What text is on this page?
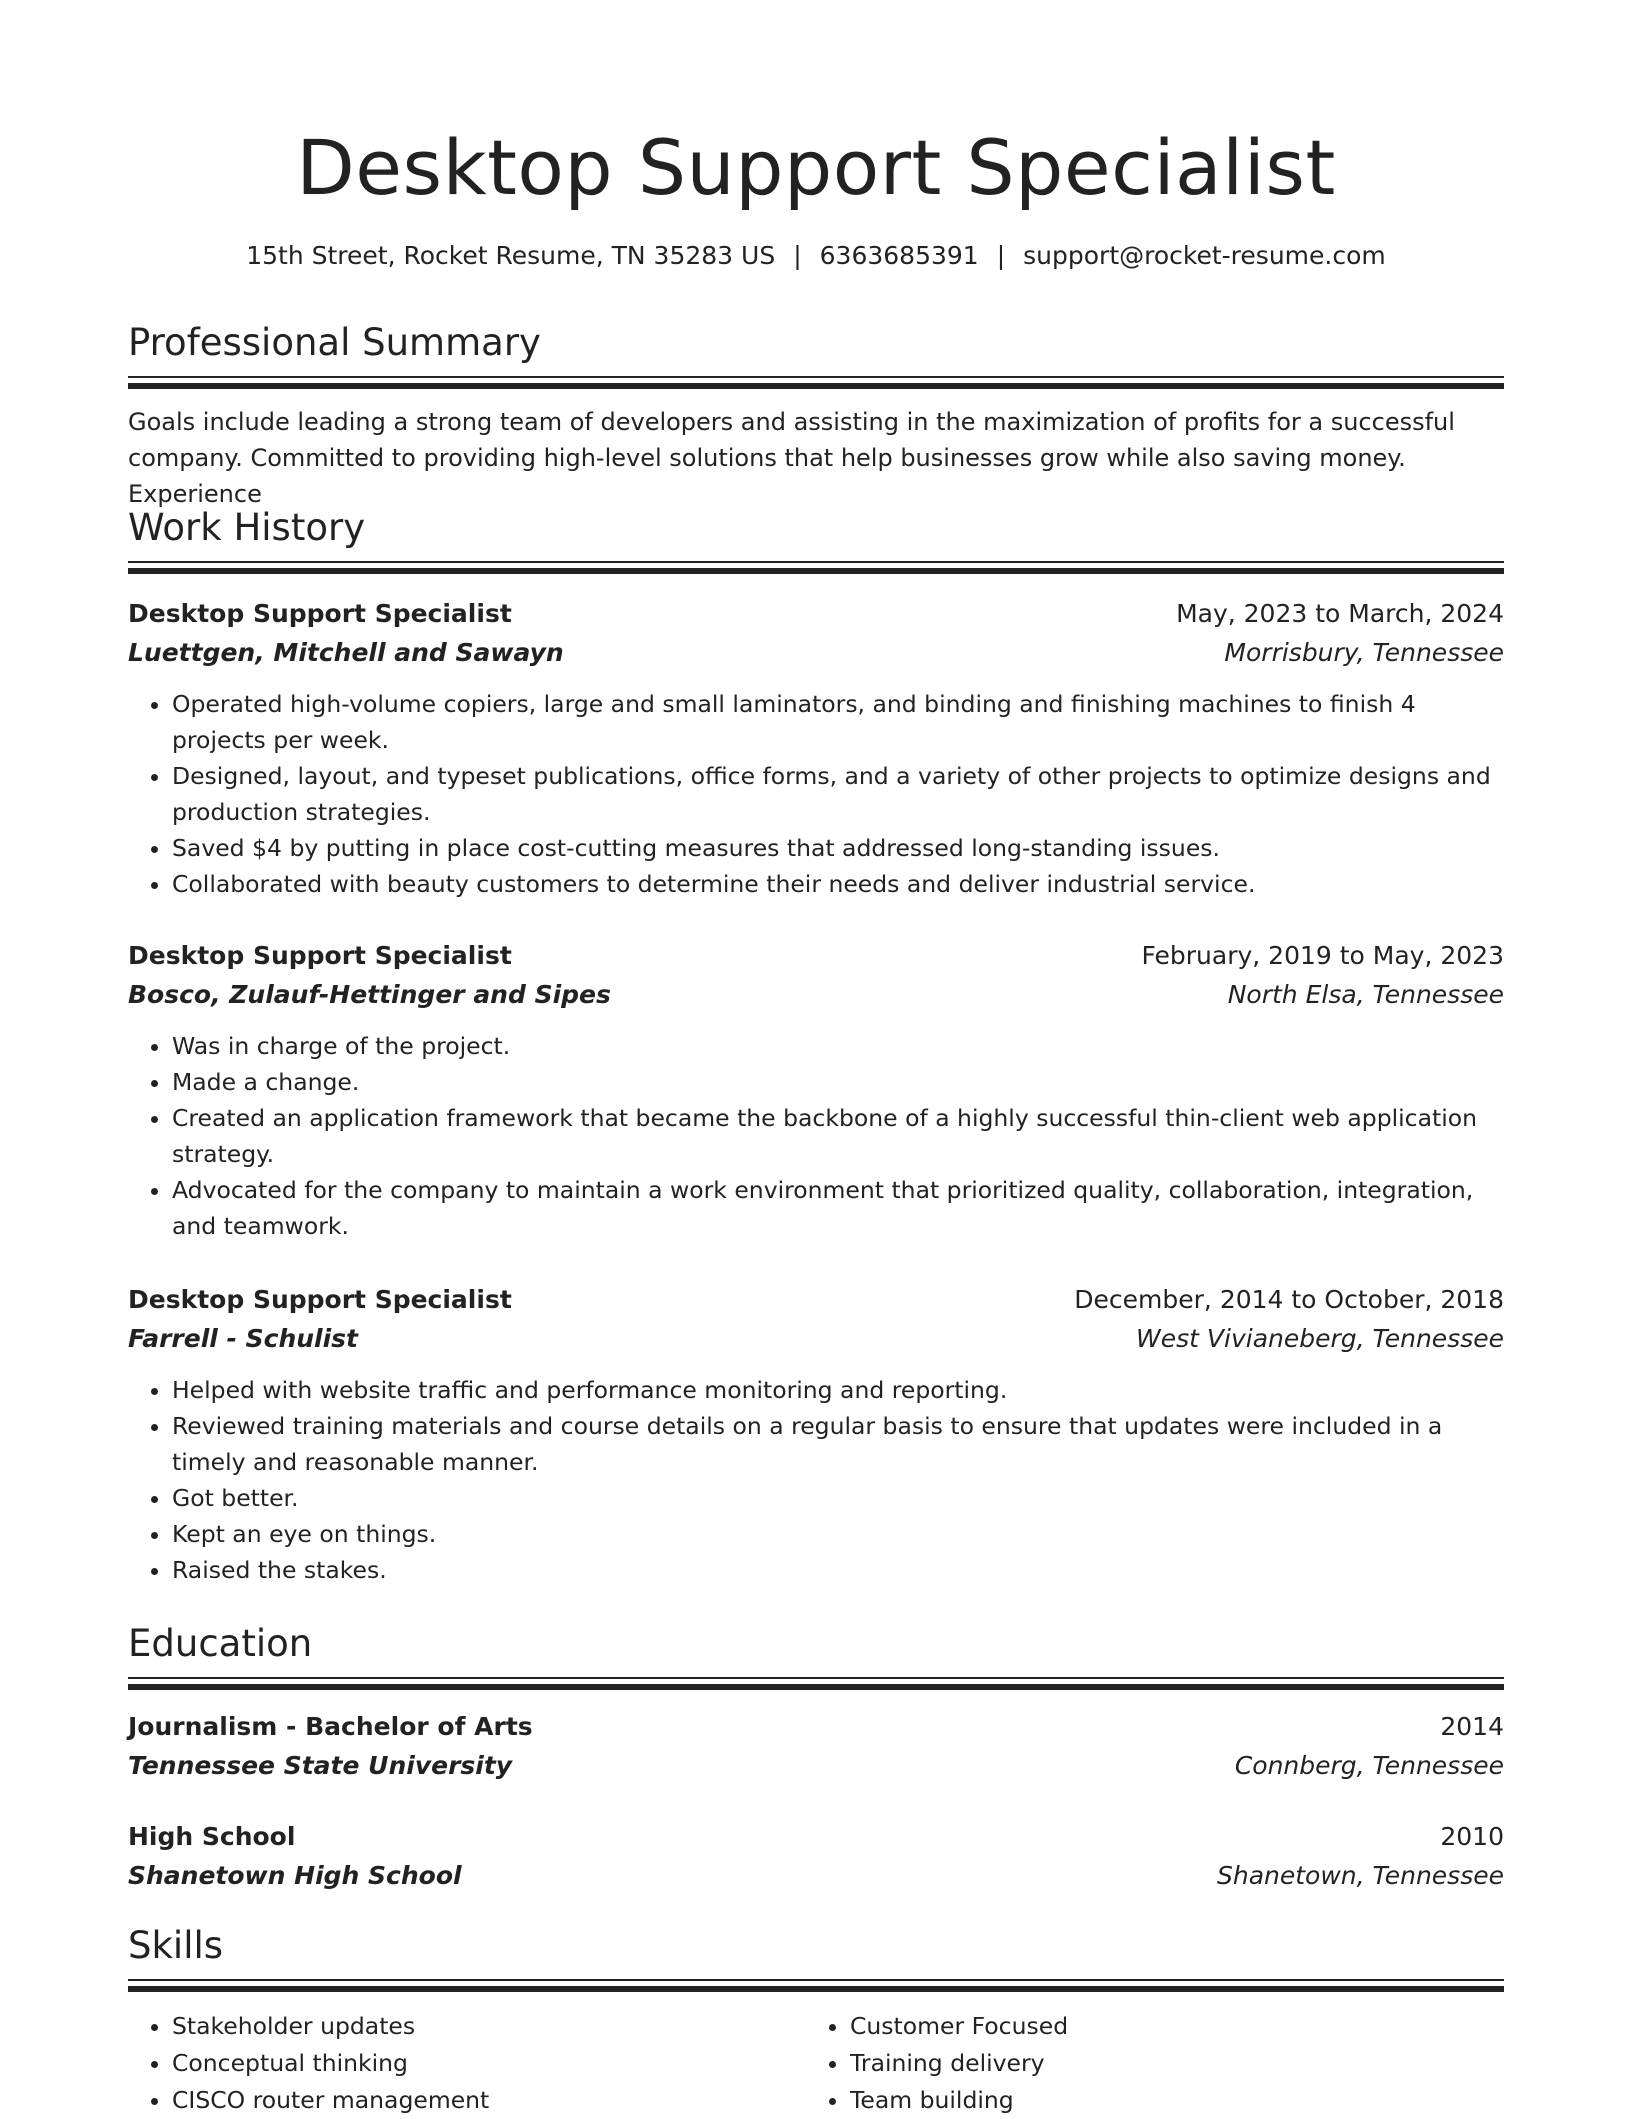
Desktop Support Specialist
15th Street, Rocket Resume, TN 35283 US | 6363685391 | support@rocket-resume.com
Professional Summary

Goals include leading a strong team of developers and assisting in the maximization of profits for a successful company. Committed to providing high-level solutions that help businesses grow while also saving money. Experience

Work History
Desktop Support Specialist	May, 2023 to March, 2024
Luettgen, Mitchell and Sawayn	Morrisbury, Tennessee
• Operated high-volume copiers, large and small laminators, and binding and finishing machines to finish 4 projects per week.
• Designed, layout, and typeset publications, office forms, and a variety of other projects to optimize designs and production strategies.
• Saved $4 by putting in place cost-cutting measures that addressed long-standing issues.
• Collaborated with beauty customers to determine their needs and deliver industrial service.
Desktop Support Specialist	February, 2019 to May, 2023
Bosco, Zulauf-Hettinger and Sipes	North Elsa, Tennessee
• Was in charge of the project.
• Made a change.
• Created an application framework that became the backbone of a highly successful thin-client web application strategy.
• Advocated for the company to maintain a work environment that prioritized quality, collaboration, integration, and teamwork.
Desktop Support Specialist	December, 2014 to October, 2018
Farrell - Schulist	West Vivianeberg, Tennessee
• Helped with website traffic and performance monitoring and reporting.
• Reviewed training materials and course details on a regular basis to ensure that updates were included in a timely and reasonable manner.
• Got better.
• Kept an eye on things.
• Raised the stakes.
Education
Journalism - Bachelor of Arts	2014
Tennessee State University	Connberg, Tennessee
High School	2010
Shanetown High School	Shanetown, Tennessee
Skills
• Stakeholder updates
• Conceptual thinking
• CISCO router management
• Customer Focused
• Training delivery
• Team building
